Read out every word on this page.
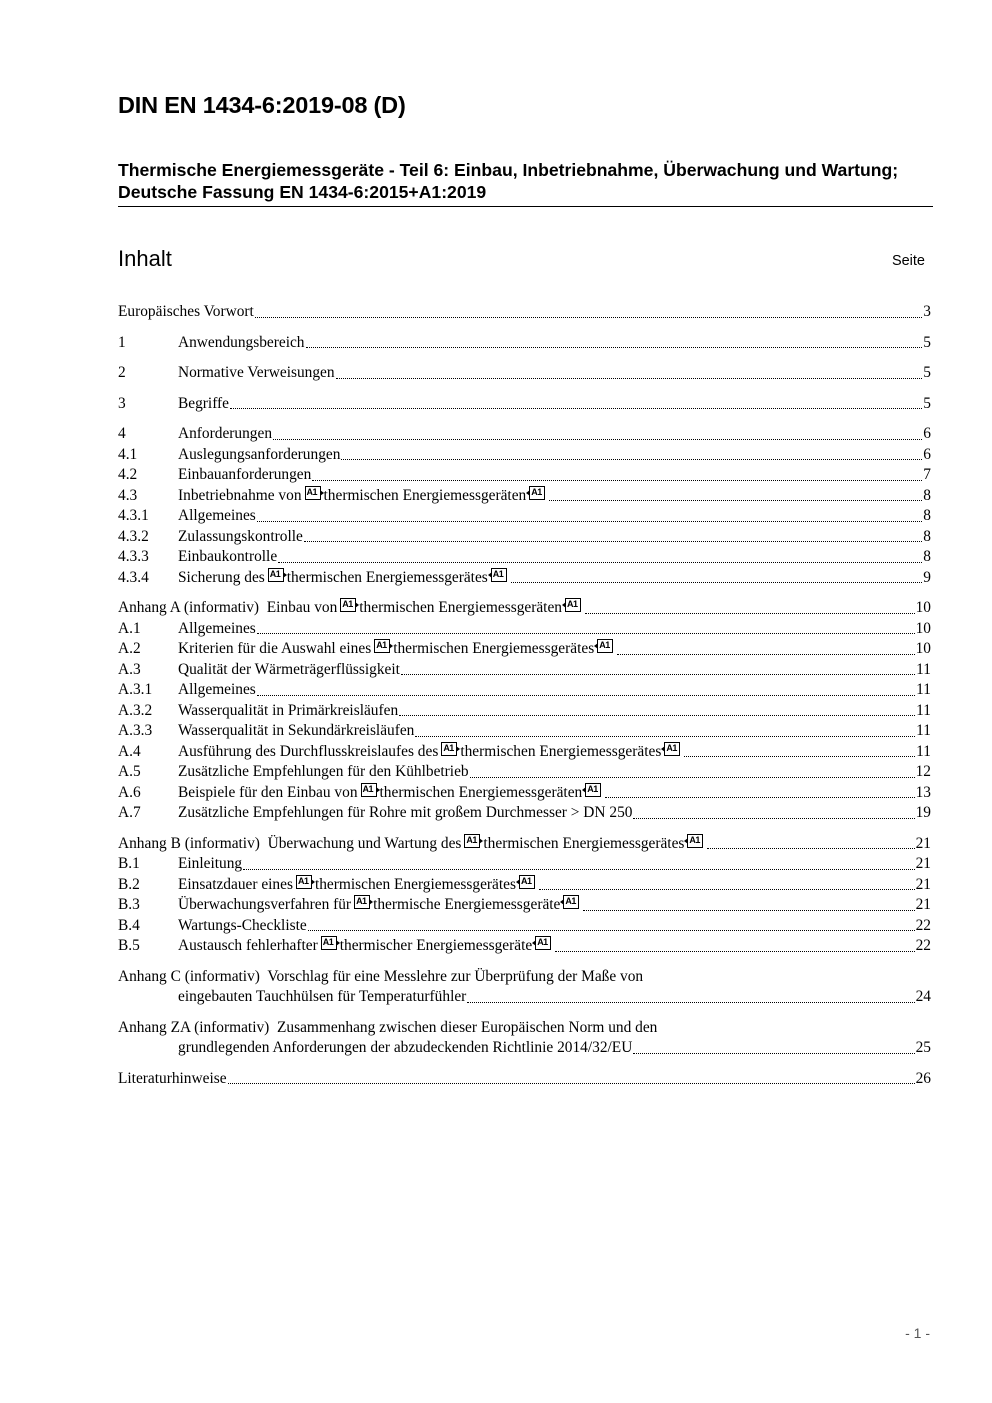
DIN EN 1434-6:2019-08 (D)
Thermische Energiemessgeräte - Teil 6: Einbau, Inbetriebnahme, Überwachung und Wartung; Deutsche Fassung EN 1434-6:2015+A1:2019
Inhalt	Seite
Europäisches Vorwort	3
1	Anwendungsbereich	5
2	Normative Verweisungen	5
3	Begriffe	5
4	Anforderungen	6
4.1	Auslegungsanforderungen	6
4.2	Einbauanforderungen	7
4.3	Inbetriebnahme von A1 thermischen Energiemessgeräten A1	8
4.3.1	Allgemeines	8
4.3.2	Zulassungskontrolle	8
4.3.3	Einbaukontrolle	8
4.3.4	Sicherung des A1 thermischen Energiemessgerätes A1	9
Anhang A (informativ)  Einbau von A1 thermischen Energiemessgeräten A1	10
A.1	Allgemeines	10
A.2	Kriterien für die Auswahl eines A1 thermischen Energiemessgerätes A1	10
A.3	Qualität der Wärmeträgerflüssigkeit	11
A.3.1	Allgemeines	11
A.3.2	Wasserqualität in Primärkreisläufen	11
A.3.3	Wasserqualität in Sekundärkreisläufen	11
A.4	Ausführung des Durchflusskreislaufes des A1 thermischen Energiemessgerätes A1	11
A.5	Zusätzliche Empfehlungen für den Kühlbetrieb	12
A.6	Beispiele für den Einbau von A1 thermischen Energiemessgeräten A1	13
A.7	Zusätzliche Empfehlungen für Rohre mit großem Durchmesser > DN 250	19
Anhang B (informativ)  Überwachung und Wartung des A1 thermischen Energiemessgerätes A1	21
B.1	Einleitung	21
B.2	Einsatzdauer eines A1 thermischen Energiemessgerätes A1	21
B.3	Überwachungsverfahren für A1 thermische Energiemessgeräte A1	21
B.4	Wartungs-Checkliste	22
B.5	Austausch fehlerhafter A1 thermischer Energiemessgeräte A1	22
Anhang C (informativ)  Vorschlag für eine Messlehre zur Überprüfung der Maße von
eingebauten Tauchhülsen für Temperaturfühler	24
Anhang ZA (informativ)  Zusammenhang zwischen dieser Europäischen Norm und den
grundlegenden Anforderungen der abzudeckenden Richtlinie 2014/32/EU	25
Literaturhinweise	26
- 1 -
